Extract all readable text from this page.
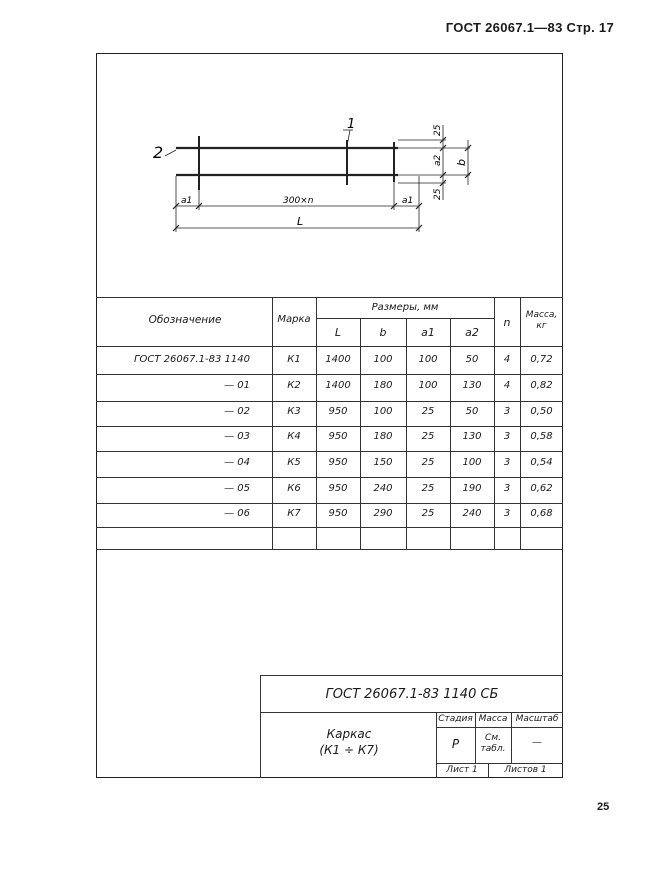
ГОСТ 26067.1—83 Стр. 17
1
2
25
a2 b
25
a1	a1
300×n
L
Обозначение	Марка
Размеры, мм
L	b	a1	a2
n
Масса, кг
ГОСТ 26067.1-83 1140	К1	1400	100	100	50	4	0,72
— 01	К2	1400	180	100	130	4	0,82
— 02	К3	950	100	25	50	3	0,50
— 03	К4	950	180	25	130	3	0,58
— 04	К5	950	150	25	100	3	0,54
— 05	К6	950	240	25	190	3	0,62
— 06	К7	950	290	25	240	3	0,68
ГОСТ 26067.1-83 1140 СБ
Каркас
(К1 ÷ К7)
Стадия Масса Масштаб
Р	См.
табл.
—
Лист 1	Листов 1
25
